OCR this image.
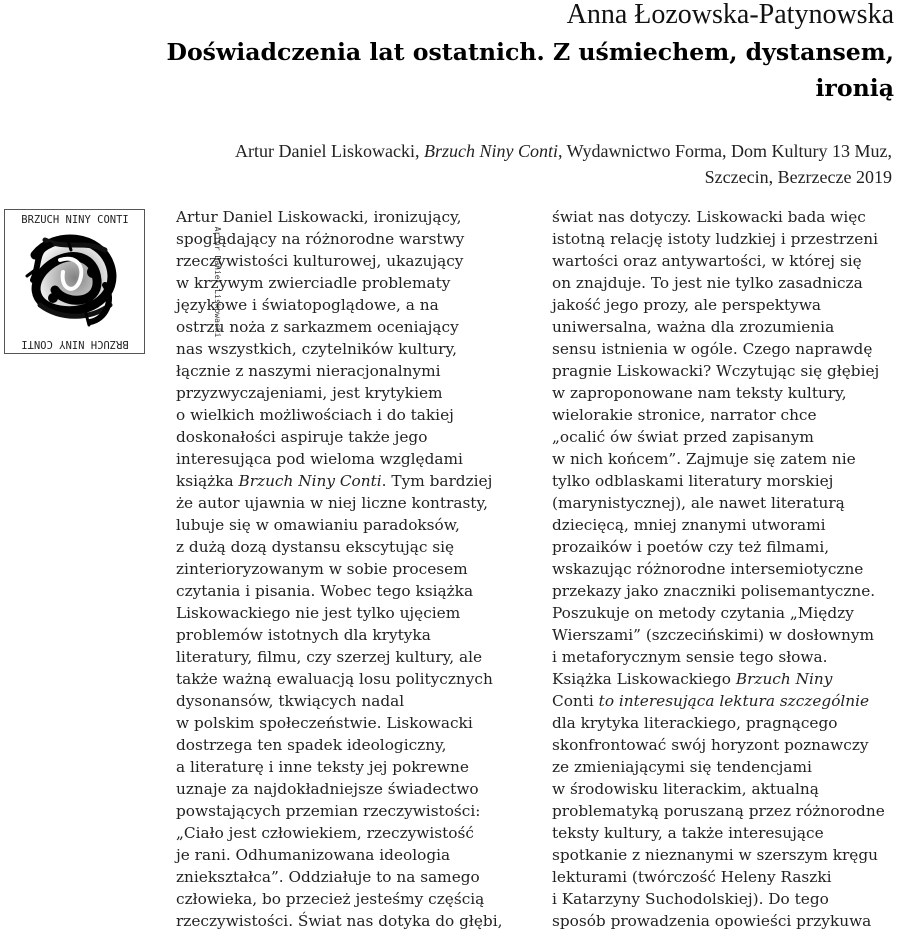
Anna Łozowska-Patynowska
Doświadczenia lat ostatnich. Z uśmiechem, dystansem,
ironią
Artur Daniel Liskowacki, Brzuch Niny Conti, Wydawnictwo Forma, Dom Kultury 13 Muz,
Szczecin, Bezrzecze 2019
BRZUCH NINY CONTI
BRZUCH NINY CONTI
Artur Daniel Liskowacki
Artur Daniel Liskowacki, ironizujący,
spoglądający na różnorodne warstwy
rzeczywistości kulturowej, ukazujący
w krzywym zwierciadle problematy
językowe i światopoglądowe, a na
ostrzu noża z sarkazmem oceniający
nas wszystkich, czytelników kultury,
łącznie z naszymi nieracjonalnymi
przyzwyczajeniami, jest krytykiem
o wielkich możliwościach i do takiej
doskonałości aspiruje także jego
interesująca pod wieloma względami
książka Brzuch Niny Conti. Tym bardziej
że autor ujawnia w niej liczne kontrasty,
lubuje się w omawianiu paradoksów,
z dużą dozą dystansu ekscytując się
zinterioryzowanym w sobie procesem
czytania i pisania. Wobec tego książka
Liskowackiego nie jest tylko ujęciem
problemów istotnych dla krytyka
literatury, filmu, czy szerzej kultury, ale
także ważną ewaluacją losu politycznych
dysonansów, tkwiących nadal
w polskim społeczeństwie. Liskowacki
dostrzega ten spadek ideologiczny,
a literaturę i inne teksty jej pokrewne
uznaje za najdokładniejsze świadectwo
powstających przemian rzeczywistości:
„Ciało jest człowiekiem, rzeczywistość
je rani. Odhumanizowana ideologia
zniekształca”. Oddziałuje to na samego
człowieka, bo przecież jesteśmy częścią
rzeczywistości. Świat nas dotyka do głębi,
świat nas dotyczy. Liskowacki bada więc
istotną relację istoty ludzkiej i przestrzeni
wartości oraz antywartości, w której się
on znajduje. To jest nie tylko zasadnicza
jakość jego prozy, ale perspektywa
uniwersalna, ważna dla zrozumienia
sensu istnienia w ogóle. Czego naprawdę
pragnie Liskowacki? Wczytując się głębiej
w zaproponowane nam teksty kultury,
wielorakie stronice, narrator chce
„ocalić ów świat przed zapisanym
w nich końcem”. Zajmuje się zatem nie
tylko odblaskami literatury morskiej
(marynistycznej), ale nawet literaturą
dziecięcą, mniej znanymi utworami
prozaików i poetów czy też filmami,
wskazując różnorodne intersemiotyczne
przekazy jako znaczniki polisemantyczne.
Poszukuje on metody czytania „Między
Wierszami” (szczecińskimi) w dosłownym
i metaforycznym sensie tego słowa.
Książka Liskowackiego Brzuch Niny
Conti to interesująca lektura szczególnie
dla krytyka literackiego, pragnącego
skonfrontować swój horyzont poznawczy
ze zmieniającymi się tendencjami
w środowisku literackim, aktualną
problematyką poruszaną przez różnorodne
teksty kultury, a także interesujące
spotkanie z nieznanymi w szerszym kręgu
lekturami (twórczość Heleny Raszki
i Katarzyny Suchodolskiej). Do tego
sposób prowadzenia opowieści przykuwa
